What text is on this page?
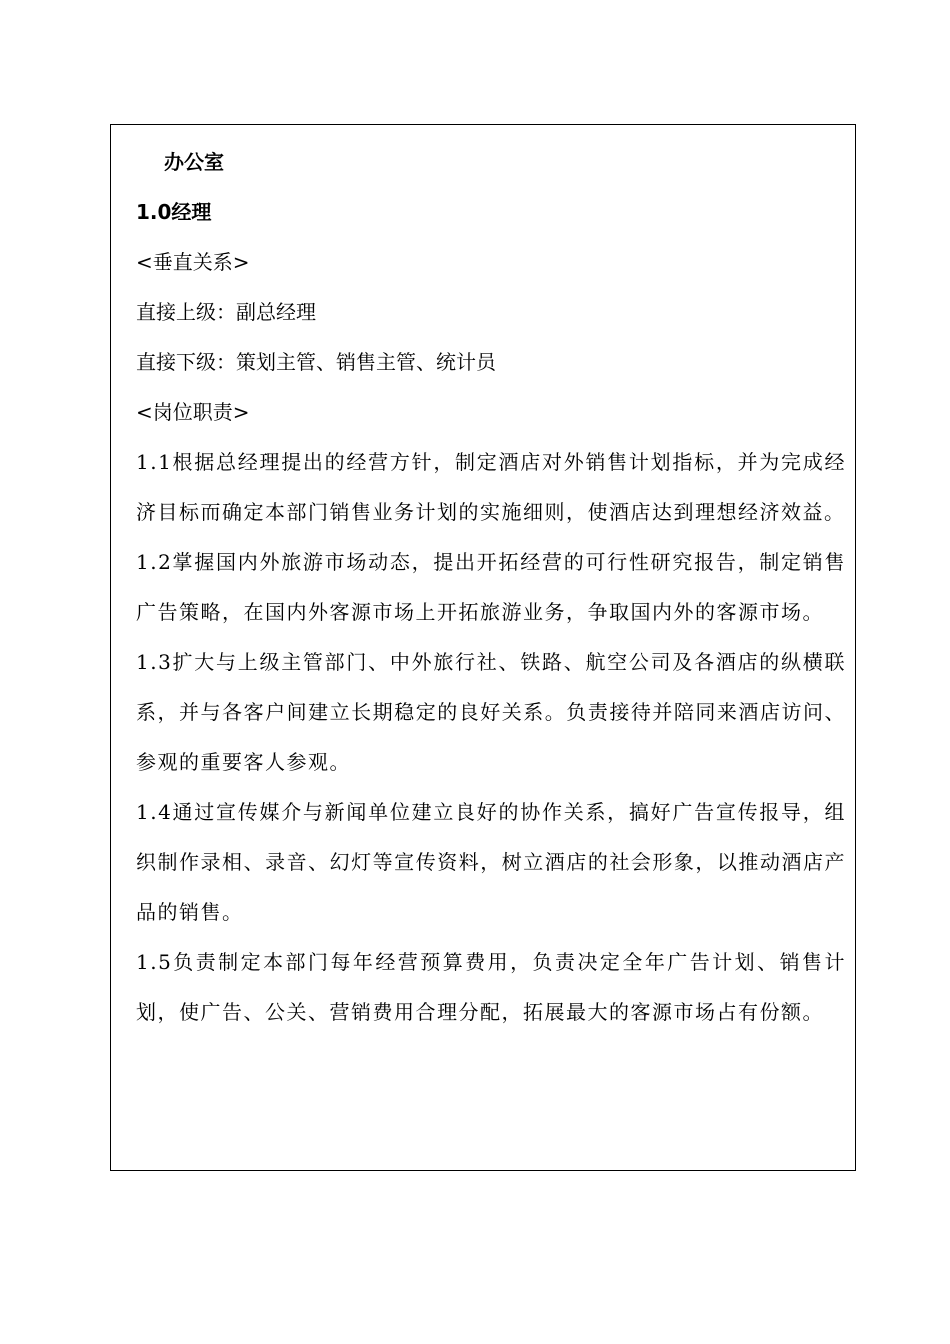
办公室

1.0经理

<垂直关系>

直接上级：副总经理

直接下级：策划主管、销售主管、统计员

<岗位职责>

1.1根据总经理提出的经营方针，制定酒店对外销售计划指标，并为完成经济目标而确定本部门销售业务计划的实施细则，使酒店达到理想经济效益。

1.2掌握国内外旅游市场动态，提出开拓经营的可行性研究报告，制定销售广告策略，在国内外客源市场上开拓旅游业务，争取国内外的客源市场。

1.3扩大与上级主管部门、中外旅行社、铁路、航空公司及各酒店的纵横联系，并与各客户间建立长期稳定的良好关系。负责接待并陪同来酒店访问、参观的重要客人参观。

1.4通过宣传媒介与新闻单位建立良好的协作关系，搞好广告宣传报导，组织制作录相、录音、幻灯等宣传资料，树立酒店的社会形象，以推动酒店产品的销售。

1.5负责制定本部门每年经营预算费用，负责决定全年广告计划、销售计划，使广告、公关、营销费用合理分配，拓展最大的客源市场占有份额。
